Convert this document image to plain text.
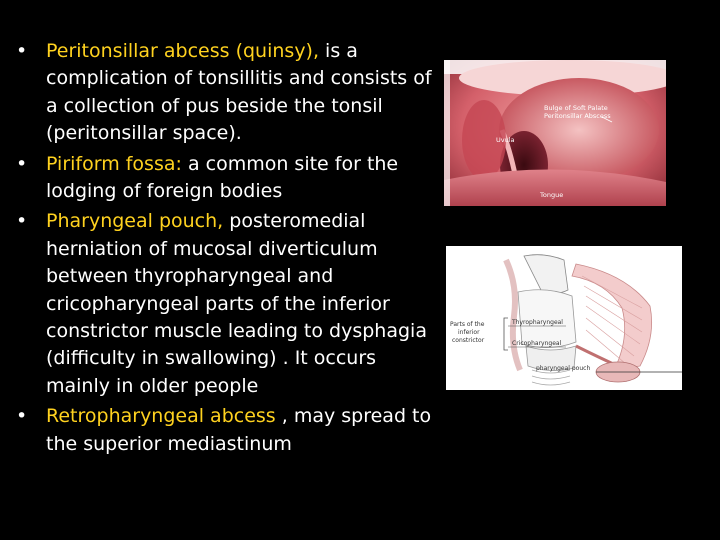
• Peritonsillar abcess (quinsy), is a complication of tonsillitis and consists of a collection of pus beside the tonsil (peritonsillar space).
• Piriform fossa: a common site for the lodging of foreign bodies
• Pharyngeal pouch, posteromedial herniation of mucosal diverticulum between thyropharyngeal and cricopharyngeal parts of the inferior constrictor muscle leading to dysphagia (difficulty in swallowing) . It occurs mainly in older people
• Retropharyngeal abcess , may spread to the superior mediastinum
Bulge of Soft Palate
Peritonsillar Abscess
Uvula
Tongue
Parts of the
inferior
constrictor
Thyropharyngeal
Cricopharyngeal
pharyngeal pouch
